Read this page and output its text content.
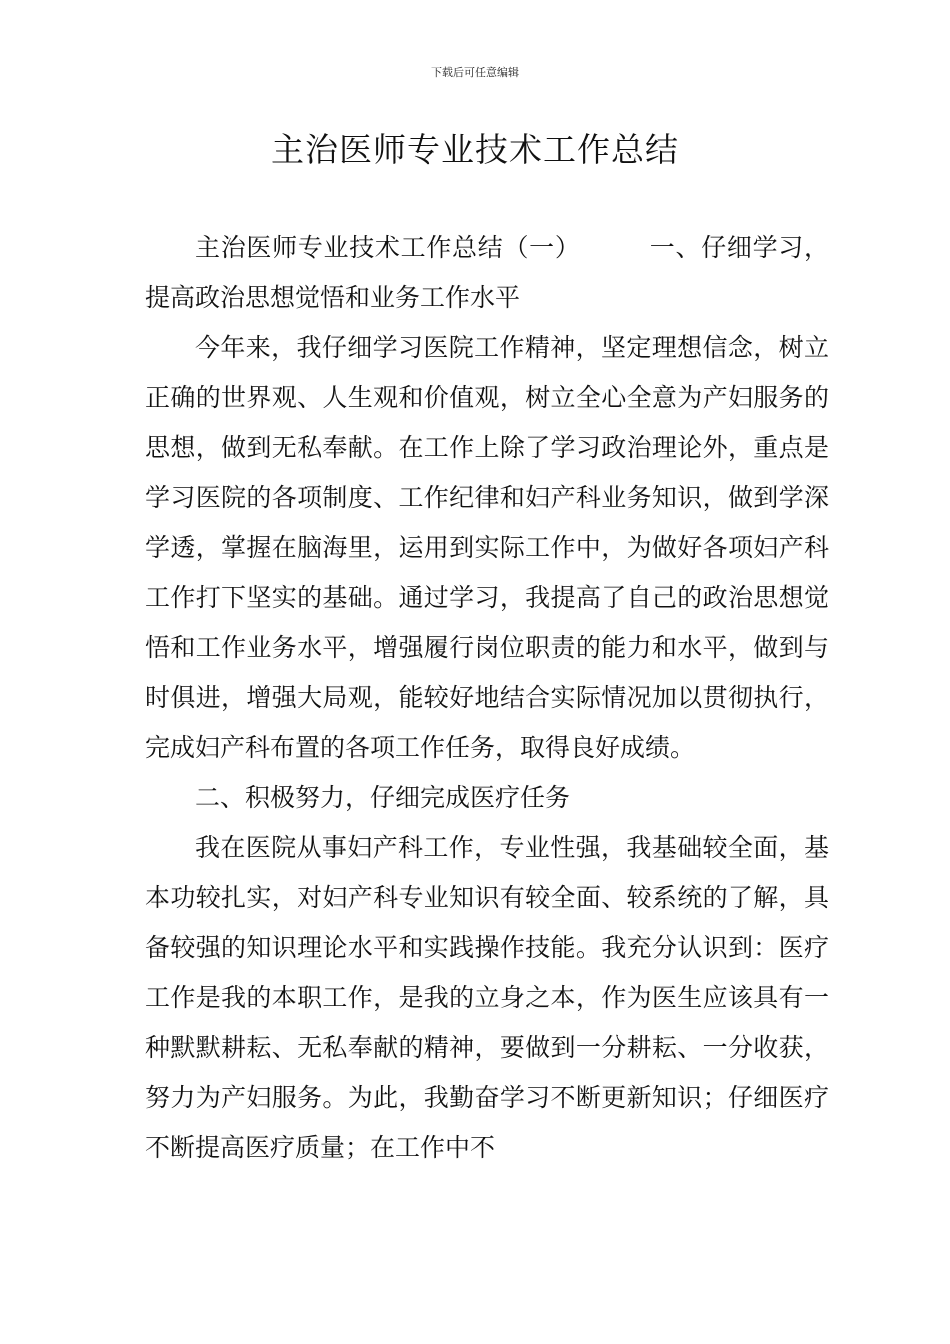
下载后可任意编辑
主治医师专业技术工作总结

主治医师专业技术工作总结（一）        一、仔细学习，提高政治思想觉悟和业务工作水平

今年来，我仔细学习医院工作精神，坚定理想信念，树立正确的世界观、人生观和价值观，树立全心全意为产妇服务的思想，做到无私奉献。在工作上除了学习政治理论外，重点是学习医院的各项制度、工作纪律和妇产科业务知识，做到学深学透，掌握在脑海里，运用到实际工作中，为做好各项妇产科工作打下坚实的基础。通过学习，我提高了自己的政治思想觉悟和工作业务水平，增强履行岗位职责的能力和水平，做到与时俱进，增强大局观，能较好地结合实际情况加以贯彻执行，完成妇产科布置的各项工作任务，取得良好成绩。

二、积极努力，仔细完成医疗任务

我在医院从事妇产科工作，专业性强，我基础较全面，基本功较扎实，对妇产科专业知识有较全面、较系统的了解，具备较强的知识理论水平和实践操作技能。我充分认识到：医疗工作是我的本职工作，是我的立身之本，作为医生应该具有一种默默耕耘、无私奉献的精神，要做到一分耕耘、一分收获，努力为产妇服务。为此，我勤奋学习不断更新知识；仔细医疗不断提高医疗质量；在工作中不
